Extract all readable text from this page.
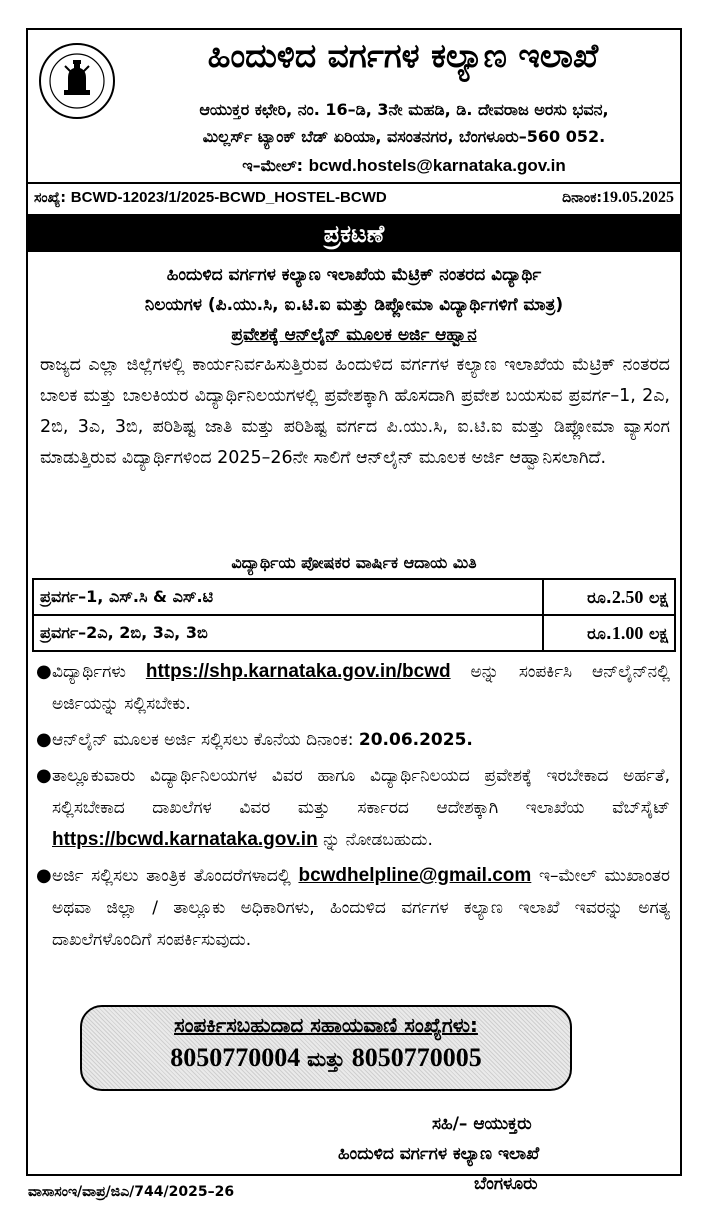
ಹಿಂದುಳಿದ ವರ್ಗಗಳ ಕಲ್ಯಾಣ ಇಲಾಖೆ
ಆಯುಕ್ತರ ಕಛೇರಿ, ನಂ. 16–ಡಿ, 3ನೇ ಮಹಡಿ, ಡಿ. ದೇವರಾಜ ಅರಸು ಭವನ,
ಮಿಲ್ಲರ್ಸ್ ಟ್ಯಾಂಕ್ ಬೆಡ್ ಏರಿಯಾ, ವಸಂತನಗರ, ಬೆಂಗಳೂರು–560 052.
ಇ–ಮೇಲ್: bcwd.hostels@karnataka.gov.in
ಸಂಖ್ಯೆ: BCWD-12023/1/2025-BCWD_HOSTEL-BCWD	ದಿನಾಂಕ:19.05.2025
ಪ್ರಕಟಣೆ
ಹಿಂದುಳಿದ ವರ್ಗಗಳ ಕಲ್ಯಾಣ ಇಲಾಖೆಯ ಮೆಟ್ರಿಕ್ ನಂತರದ ವಿದ್ಯಾರ್ಥಿ
ನಿಲಯಗಳ (ಪಿ.ಯು.ಸಿ, ಐ.ಟಿ.ಐ ಮತ್ತು ಡಿಪ್ಲೋಮಾ ವಿದ್ಯಾರ್ಥಿಗಳಿಗೆ ಮಾತ್ರ)
ಪ್ರವೇಶಕ್ಕೆ ಆನ್‌ಲೈನ್ ಮೂಲಕ ಅರ್ಜಿ ಆಹ್ವಾನ
ರಾಜ್ಯದ ಎಲ್ಲಾ ಜಿಲ್ಲೆಗಳಲ್ಲಿ ಕಾರ್ಯನಿರ್ವಹಿಸುತ್ತಿರುವ ಹಿಂದುಳಿದ ವರ್ಗಗಳ ಕಲ್ಯಾಣ ಇಲಾಖೆಯ ಮೆಟ್ರಿಕ್ ನಂತರದ ಬಾಲಕ ಮತ್ತು ಬಾಲಕಿಯರ ವಿದ್ಯಾರ್ಥಿನಿಲಯಗಳಲ್ಲಿ ಪ್ರವೇಶಕ್ಕಾಗಿ ಹೊಸದಾಗಿ ಪ್ರವೇಶ ಬಯಸುವ ಪ್ರವರ್ಗ–1, 2ಎ, 2ಬಿ, 3ಎ, 3ಬಿ, ಪರಿಶಿಷ್ಟ ಜಾತಿ ಮತ್ತು ಪರಿಶಿಷ್ಟ ವರ್ಗದ ಪಿ.ಯು.ಸಿ, ಐ.ಟಿ.ಐ ಮತ್ತು ಡಿಪ್ಲೋಮಾ ವ್ಯಾಸಂಗ ಮಾಡುತ್ತಿರುವ ವಿದ್ಯಾರ್ಥಿಗಳಿಂದ 2025–26ನೇ ಸಾಲಿಗೆ ಆನ್‌ಲೈನ್ ಮೂಲಕ ಅರ್ಜಿ ಆಹ್ವಾನಿಸಲಾಗಿದೆ.
ವಿದ್ಯಾರ್ಥಿಯ ಪೋಷಕರ ವಾರ್ಷಿಕ ಆದಾಯ ಮಿತಿ
ಪ್ರವರ್ಗ–1, ಎಸ್.ಸಿ & ಎಸ್.ಟಿ	ರೂ.2.50 ಲಕ್ಷ
ಪ್ರವರ್ಗ–2ಎ, 2ಬಿ, 3ಎ, 3ಬಿ	ರೂ.1.00 ಲಕ್ಷ
● ವಿದ್ಯಾರ್ಥಿಗಳು https://shp.karnataka.gov.in/bcwd ಅನ್ನು ಸಂಪರ್ಕಿಸಿ ಆನ್‌ಲೈನ್‌ನಲ್ಲಿ ಅರ್ಜಿಯನ್ನು ಸಲ್ಲಿಸಬೇಕು.
● ಆನ್‌ಲೈನ್ ಮೂಲಕ ಅರ್ಜಿ ಸಲ್ಲಿಸಲು ಕೊನೆಯ ದಿನಾಂಕ: 20.06.2025.
● ತಾಲ್ಲೂಕುವಾರು ವಿದ್ಯಾರ್ಥಿನಿಲಯಗಳ ವಿವರ ಹಾಗೂ ವಿದ್ಯಾರ್ಥಿನಿಲಯದ ಪ್ರವೇಶಕ್ಕೆ ಇರಬೇಕಾದ ಅರ್ಹತೆ, ಸಲ್ಲಿಸಬೇಕಾದ ದಾಖಲೆಗಳ ವಿವರ ಮತ್ತು ಸರ್ಕಾರದ ಆದೇಶಕ್ಕಾಗಿ ಇಲಾಖೆಯ ವೆಬ್‌ಸೈಟ್ https://bcwd.karnataka.gov.in ನ್ನು ನೋಡಬಹುದು.
● ಅರ್ಜಿ ಸಲ್ಲಿಸಲು ತಾಂತ್ರಿಕ ತೊಂದರೆಗಳಾದಲ್ಲಿ bcwdhelpline@gmail.com ಇ–ಮೇಲ್ ಮುಖಾಂತರ ಅಥವಾ ಜಿಲ್ಲಾ / ತಾಲ್ಲೂಕು ಅಧಿಕಾರಿಗಳು, ಹಿಂದುಳಿದ ವರ್ಗಗಳ ಕಲ್ಯಾಣ ಇಲಾಖೆ ಇವರನ್ನು ಅಗತ್ಯ ದಾಖಲೆಗಳೊಂದಿಗೆ ಸಂಪರ್ಕಿಸುವುದು.
ಸಂಪರ್ಕಿಸಬಹುದಾದ ಸಹಾಯವಾಣಿ ಸಂಖ್ಯೆಗಳು:
8050770004 ಮತ್ತು 8050770005
ಸಹಿ/– ಆಯುಕ್ತರು
ಹಿಂದುಳಿದ ವರ್ಗಗಳ ಕಲ್ಯಾಣ ಇಲಾಖೆ
ಬೆಂಗಳೂರು
ವಾಸಾಸಂಇ/ವಾಪ್ರ/ಜಿಎ/744/2025–26
